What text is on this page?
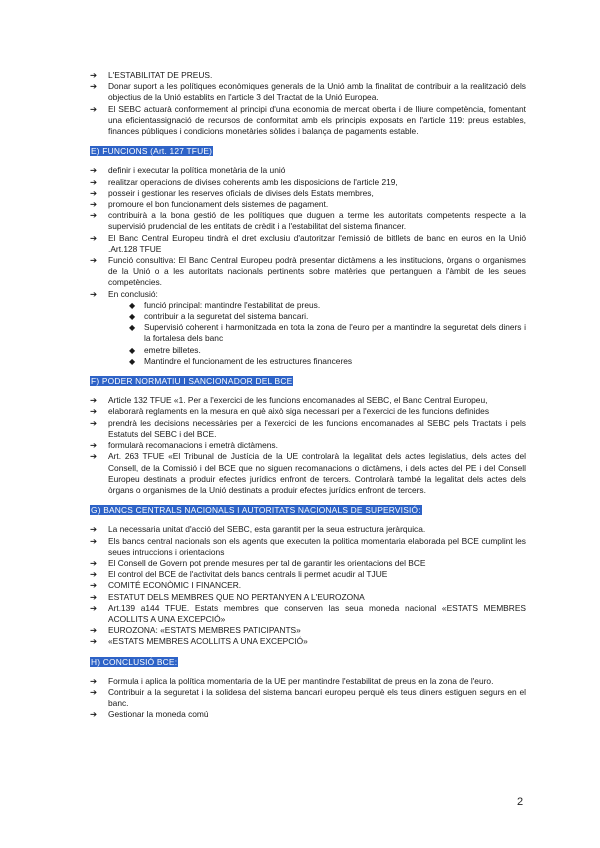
➔	L'ESTABILITAT DE PREUS.
➔	Donar suport a les polítiques econòmiques generals de la Unió amb la finalitat de contribuir a la realització dels objectius de la Unió establits en l'article 3 del Tractat de la Unió Europea.
➔	El SEBC actuarà conformement al principi d'una economia de mercat oberta i de lliure competència, fomentant una eficientassignació de recursos de conformitat amb els principis exposats en l'article 119: preus estables, finances públiques i condicions monetàries sòlides i balança de pagaments estable.
E) FUNCIONS (Art. 127 TFUE)
➔	definir i executar la política monetària de la unió
➔	realitzar operacions de divises coherents amb les disposicions de l'article 219,
➔	posseir i gestionar les reserves oficials de divises dels Estats membres,
➔	promoure el bon funcionament dels sistemes de pagament.
➔	contribuirà a la bona gestió de les polítiques que duguen a terme les autoritats competents respecte a la supervisió prudencial de les entitats de crèdit i a l'estabilitat del sistema financer.
➔	El Banc Central Europeu tindrà el dret exclusiu d'autoritzar l'emissió de bitllets de banc en euros en la Unió .Art.128 TFUE
➔	Funció consultiva: El Banc Central Europeu podrà presentar dictàmens a les institucions, òrgans o organismes de la Unió o a les autoritats nacionals pertinents sobre matèries que pertanguen a l'àmbit de les seues competències.
➔	En conclusió:
◆ funció principal: mantindre l'estabilitat de preus.
◆ contribuir a la seguretat del sistema bancari.
◆ Supervisió coherent i harmonitzada en tota la zona de l'euro per a mantindre la seguretat dels diners i la fortalesa dels banc
◆ emetre billetes.
◆ Mantindre el funcionament de les estructures financeres
F) PODER NORMATIU I SANCIONADOR DEL BCE
➔	Article 132 TFUE «1. Per a l'exercici de les funcions encomanades al SEBC, el Banc Central Europeu,
➔	elaborarà reglaments en la mesura en què això siga necessari per a l'exercici de les funcions definides
➔	prendrà les decisions necessàries per a l'exercici de les funcions encomanades al SEBC pels Tractats i pels Estatuts del SEBC i del BCE.
➔	formularà recomanacions i emetrà dictàmens.
➔	Art. 263 TFUE «El Tribunal de Justícia de la UE controlarà la legalitat dels actes legislatius, dels actes del Consell, de la Comissió i del BCE que no siguen recomanacions o dictàmens, i dels actes del PE i del Consell Europeu destinats a produir efectes jurídics enfront de tercers. Controlarà també la legalitat dels actes dels òrgans o organismes de la Unió destinats a produir efectes jurídics enfront de tercers.
G) BANCS CENTRALS NACIONALS I AUTORITATS NACIONALS DE SUPERVISIÓ:
➔	La necessaria unitat d'acció del SEBC, esta garantit per la seua estructura jeràrquica.
➔	Els bancs central nacionals son els agents que executen la politica momentaria elaborada pel BCE cumplint les seues intruccions i orientacions
➔	El Consell de Govern pot prende mesures per tal de garantir les orientacions del BCE
➔	El control del BCE de l'activitat dels bancs centrals li permet acudir al TJUE
➔	COMITÉ ECONÒMIC I FINANCER.
➔	ESTATUT DELS MEMBRES QUE NO PERTANYEN A L'EUROZONA
➔	Art.139 a144 TFUE. Estats membres que conserven las seua moneda nacional «ESTATS MEMBRES ACOLLITS A UNA EXCEPCIÓ»
➔	EUROZONA: «ESTATS MEMBRES PATICIPANTS»
➔	«ESTATS MEMBRES ACOLLITS A UNA EXCEPCIÓ»
H) CONCLUSIÓ BCE:
➔	Formula i aplica la política momentaria de la UE per mantindre l'estabilitat de preus en la zona de l'euro.
➔	Contribuir a la seguretat i la solidesa del sistema bancari europeu perquè els teus diners estiguen segurs en el banc.
➔	Gestionar la moneda comú
2
